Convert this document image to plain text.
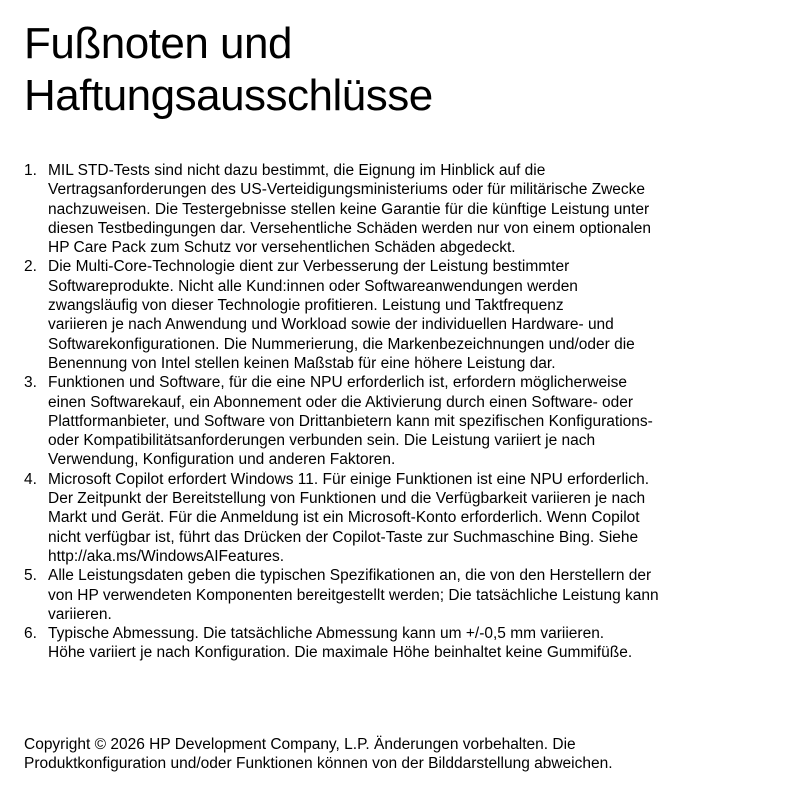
Fußnoten und
Haftungsausschlüsse
1. MIL STD-Tests sind nicht dazu bestimmt, die Eignung im Hinblick auf die
Vertragsanforderungen des US-Verteidigungsministeriums oder für militärische Zwecke
nachzuweisen. Die Testergebnisse stellen keine Garantie für die künftige Leistung unter
diesen Testbedingungen dar. Versehentliche Schäden werden nur von einem optionalen
HP Care Pack zum Schutz vor versehentlichen Schäden abgedeckt.
2. Die Multi-Core-Technologie dient zur Verbesserung der Leistung bestimmter
Softwareprodukte. Nicht alle Kund:innen oder Softwareanwendungen werden
zwangsläufig von dieser Technologie profitieren. Leistung und Taktfrequenz
variieren je nach Anwendung und Workload sowie der individuellen Hardware- und
Softwarekonfigurationen. Die Nummerierung, die Markenbezeichnungen und/oder die
Benennung von Intel stellen keinen Maßstab für eine höhere Leistung dar.
3. Funktionen und Software, für die eine NPU erforderlich ist, erfordern möglicherweise
einen Softwarekauf, ein Abonnement oder die Aktivierung durch einen Software- oder
Plattformanbieter, und Software von Drittanbietern kann mit spezifischen Konfigurations-
oder Kompatibilitätsanforderungen verbunden sein. Die Leistung variiert je nach
Verwendung, Konfiguration und anderen Faktoren.
4. Microsoft Copilot erfordert Windows 11. Für einige Funktionen ist eine NPU erforderlich.
Der Zeitpunkt der Bereitstellung von Funktionen und die Verfügbarkeit variieren je nach
Markt und Gerät. Für die Anmeldung ist ein Microsoft-Konto erforderlich. Wenn Copilot
nicht verfügbar ist, führt das Drücken der Copilot-Taste zur Suchmaschine Bing. Siehe
http://aka.ms/WindowsAIFeatures.
5. Alle Leistungsdaten geben die typischen Spezifikationen an, die von den Herstellern der
von HP verwendeten Komponenten bereitgestellt werden; Die tatsächliche Leistung kann
variieren.
6. Typische Abmessung. Die tatsächliche Abmessung kann um +/-0,5 mm variieren.
Höhe variiert je nach Konfiguration. Die maximale Höhe beinhaltet keine Gummifüße.

Copyright © 2026 HP Development Company, L.P. Änderungen vorbehalten. Die
Produktkonfiguration und/oder Funktionen können von der Bilddarstellung abweichen.
